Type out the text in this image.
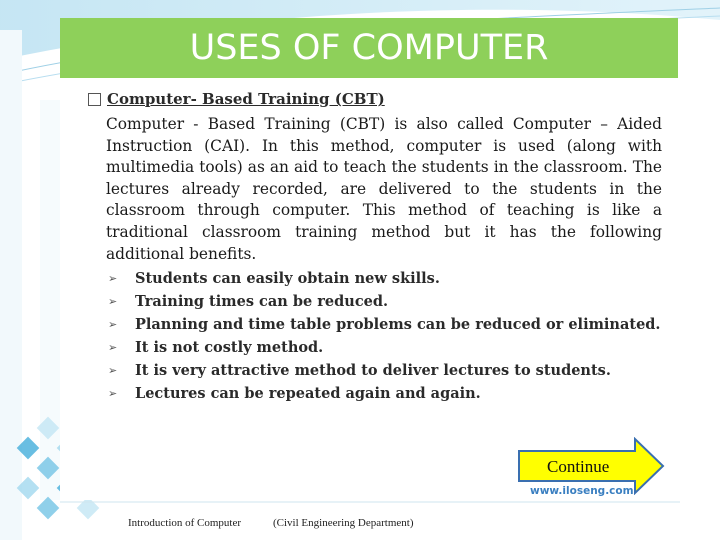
USES OF COMPUTER
Computer- Based Training (CBT)

Computer - Based Training (CBT) is also called Computer – Aided Instruction (CAI). In this method, computer is used (along with multimedia tools) as an aid to teach the students in the classroom. The lectures already recorded, are delivered to the students in the classroom through computer. This method of teaching is like a traditional classroom training method but it has the following additional benefits.

➢	Students can easily obtain new skills.
➢	Training times can be reduced.
➢	Planning and time table problems can be reduced or eliminated.
➢	It is not costly method.
➢	It is very attractive method to deliver lectures to students.
➢	Lectures can be repeated again and again.
Continue
www.ilosеng.com
Introduction of Computer	(Civil Engineering Department)
